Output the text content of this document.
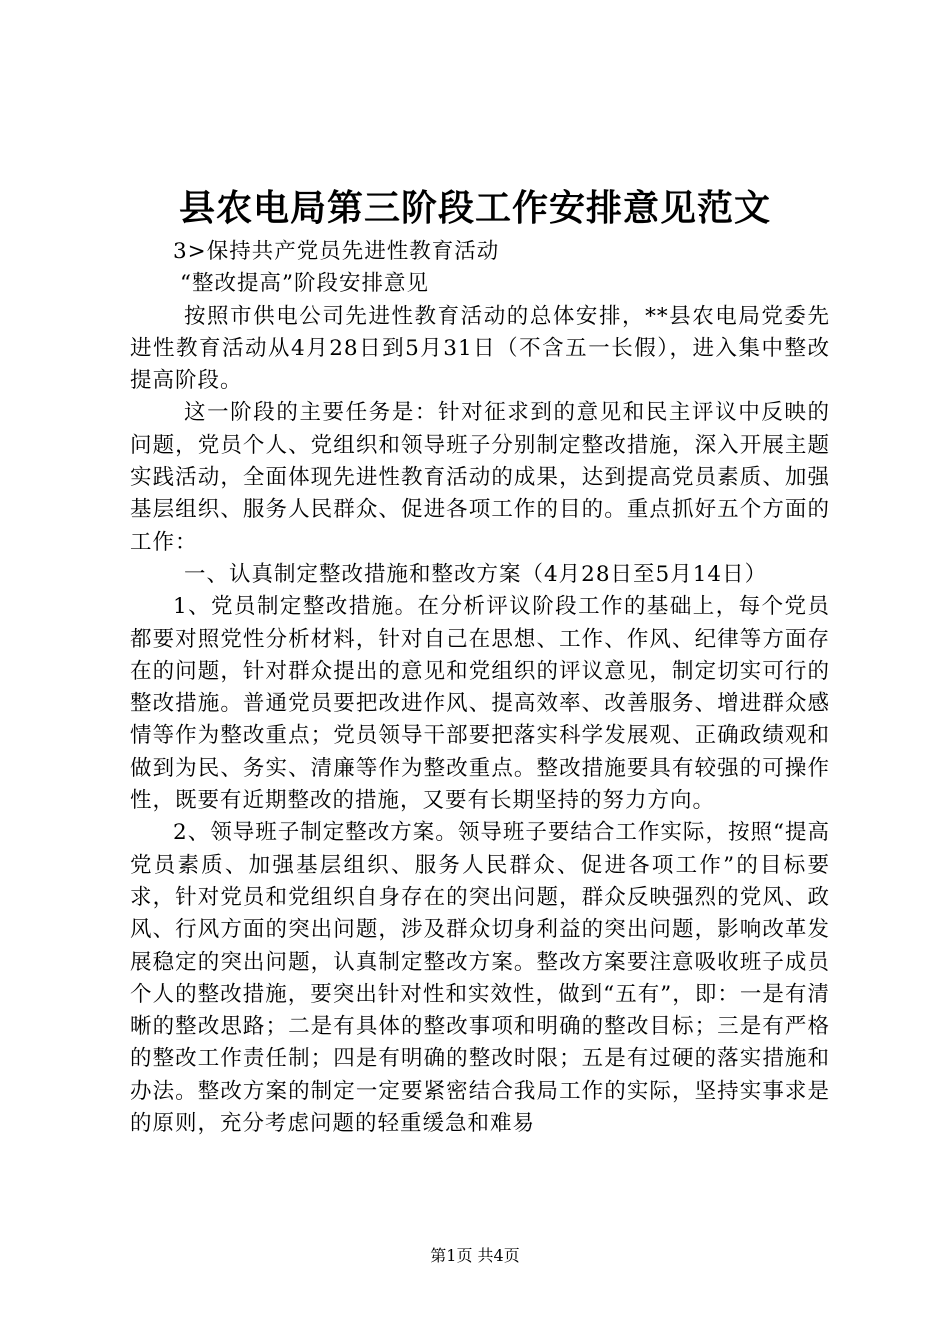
县农电局第三阶段工作安排意见范文

3>保持共产党员先进性教育活动

“整改提高”阶段安排意见

按照市供电公司先进性教育活动的总体安排，**县农电局党委先进性教育活动从4月28日到5月31日（不含五一长假），进入集中整改提高阶段。

这一阶段的主要任务是：针对征求到的意见和民主评议中反映的问题，党员个人、党组织和领导班子分别制定整改措施，深入开展主题实践活动，全面体现先进性教育活动的成果，达到提高党员素质、加强基层组织、服务人民群众、促进各项工作的目的。重点抓好五个方面的工作：

一、认真制定整改措施和整改方案（4月28日至5月14日）

1、党员制定整改措施。在分析评议阶段工作的基础上，每个党员都要对照党性分析材料，针对自己在思想、工作、作风、纪律等方面存在的问题，针对群众提出的意见和党组织的评议意见，制定切实可行的整改措施。普通党员要把改进作风、提高效率、改善服务、增进群众感情等作为整改重点；党员领导干部要把落实科学发展观、正确政绩观和做到为民、务实、清廉等作为整改重点。整改措施要具有较强的可操作性，既要有近期整改的措施，又要有长期坚持的努力方向。

2、领导班子制定整改方案。领导班子要结合工作实际，按照“提高党员素质、加强基层组织、服务人民群众、促进各项工作”的目标要求，针对党员和党组织自身存在的突出问题，群众反映强烈的党风、政风、行风方面的突出问题，涉及群众切身利益的突出问题，影响改革发展稳定的突出问题，认真制定整改方案。整改方案要注意吸收班子成员个人的整改措施，要突出针对性和实效性，做到“五有”，即：一是有清晰的整改思路；二是有具体的整改事项和明确的整改目标；三是有严格的整改工作责任制；四是有明确的整改时限；五是有过硬的落实措施和办法。整改方案的制定一定要紧密结合我局工作的实际，坚持实事求是的原则，充分考虑问题的轻重缓急和难易

第1页 共4页
